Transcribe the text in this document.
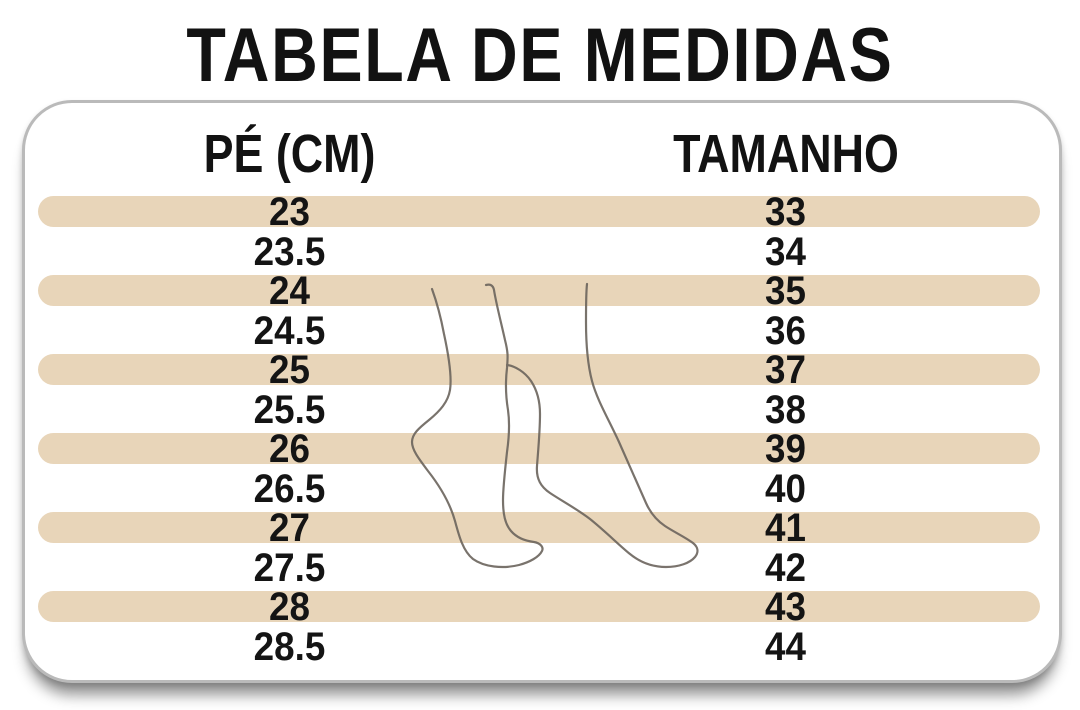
TABELA DE MEDIDAS
PÉ (CM)	TAMANHO
23	33
23.5	34
24	35
24.5	36
25	37
25.5	38
26	39
26.5	40
27	41
27.5	42
28	43
28.5	44
